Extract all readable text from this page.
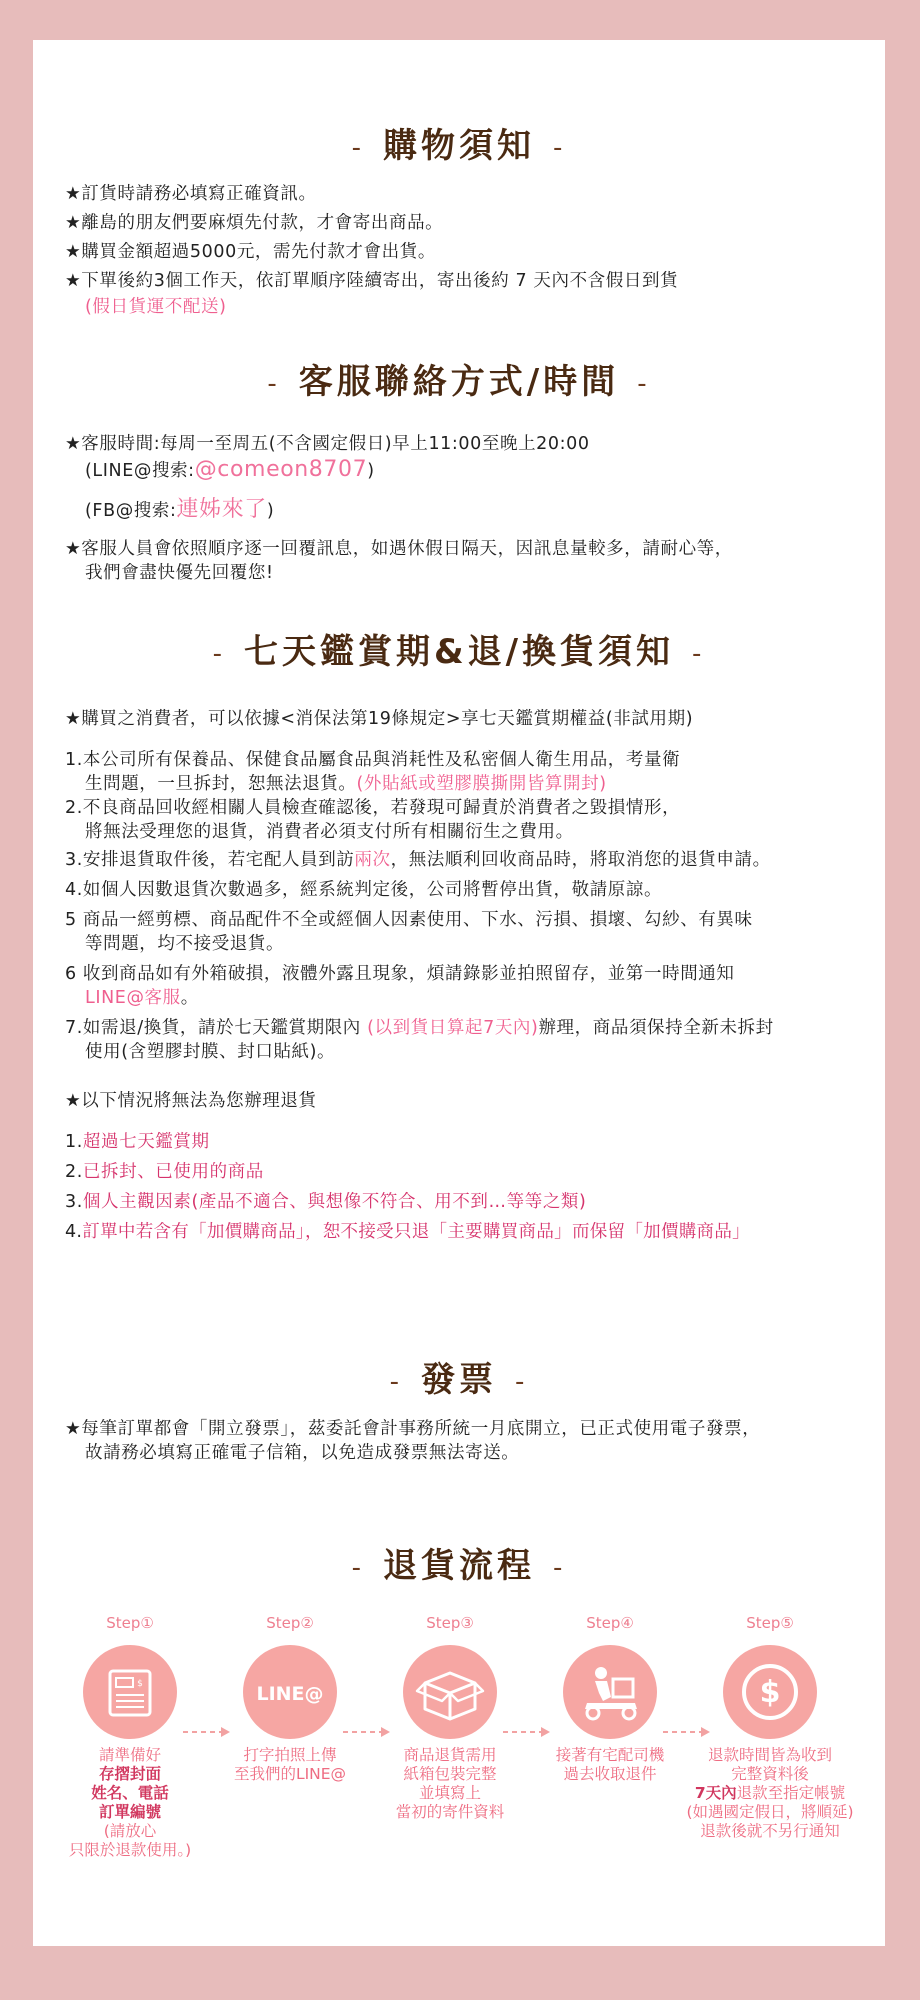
- 購物須知 -
★訂貨時請務必填寫正確資訊。
★離島的朋友們要麻煩先付款，才會寄出商品。
★購買金額超過5000元，需先付款才會出貨。
★下單後約3個工作天，依訂單順序陸續寄出，寄出後約 7 天內不含假日到貨
(假日貨運不配送)
- 客服聯絡方式/時間 -
★客服時間:每周一至周五(不含國定假日)早上11:00至晚上20:00
(LINE@搜索:@comeon8707)
(FB@搜索:連姊來了)
★客服人員會依照順序逐一回覆訊息，如遇休假日隔天，因訊息量較多，請耐心等，
我們會盡快優先回覆您!
- 七天鑑賞期&退/換貨須知 -
★購買之消費者，可以依據<消保法第19條規定>享七天鑑賞期權益(非試用期)
1.本公司所有保養品、保健食品屬食品與消耗性及私密個人衛生用品，考量衛
生問題，一旦拆封，恕無法退貨。(外貼紙或塑膠膜撕開皆算開封)
2.不良商品回收經相關人員檢查確認後，若發現可歸責於消費者之毀損情形，
將無法受理您的退貨，消費者必須支付所有相關衍生之費用。
3.安排退貨取件後，若宅配人員到訪兩次，無法順利回收商品時，將取消您的退貨申請。
4.如個人因數退貨次數過多，經系統判定後，公司將暫停出貨，敬請原諒。
5 商品一經剪標、商品配件不全或經個人因素使用、下水、污損、損壞、勾紗、有異味
等問題，均不接受退貨。
6 收到商品如有外箱破損，液體外露且現象，煩請錄影並拍照留存，並第一時間通知
LINE@客服。
7.如需退/換貨，請於七天鑑賞期限內 (以到貨日算起7天內)辦理，商品須保持全新未拆封
使用(含塑膠封膜、封口貼紙)。
★以下情況將無法為您辦理退貨
1.超過七天鑑賞期
2.已拆封、已使用的商品
3.個人主觀因素(產品不適合、與想像不符合、用不到…等等之類)
4.訂單中若含有「加價購商品」，恕不接受只退「主要購買商品」而保留「加價購商品」
- 發票 -
★每筆訂單都會「開立發票」，茲委託會計事務所統一月底開立，已正式使用電子發票，
故請務必填寫正確電子信箱，以免造成發票無法寄送。
- 退貨流程 -
Step①	Step②	Step③	Step④	Step⑤
$	LINE@	$
請準備好
存摺封面
姓名、電話
訂單編號
(請放心
只限於退款使用。)
打字拍照上傳
至我們的LINE@
商品退貨需用
紙箱包裝完整
並填寫上
當初的寄件資料
接著有宅配司機
過去收取退件
退款時間皆為收到
完整資料後
7天內退款至指定帳號
(如遇國定假日，將順延)
退款後就不另行通知
